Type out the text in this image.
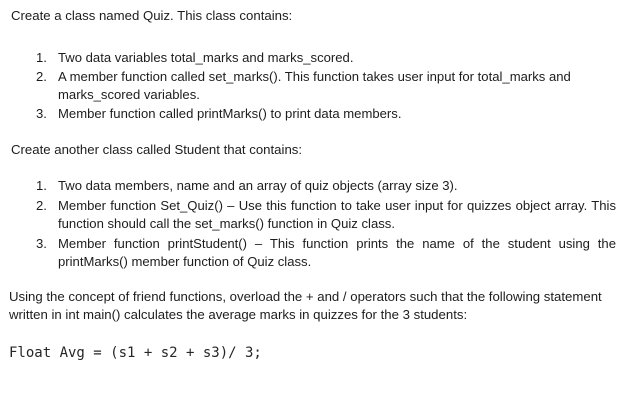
Create a class named Quiz. This class contains:

1. Two data variables total_marks and marks_scored.
2. A member function called set_marks(). This function takes user input for total_marks and marks_scored variables.
3. Member function called printMarks() to print data members.

Create another class called Student that contains:

1. Two data members, name and an array of quiz objects (array size 3).
2. Member function Set_Quiz() – Use this function to take user input for quizzes object array. This function should call the set_marks() function in Quiz class.
3. Member function printStudent() – This function prints the name of the student using the printMarks() member function of Quiz class.

Using the concept of friend functions, overload the + and / operators such that the following statement written in int main() calculates the average marks in quizzes for the 3 students:

Float Avg = (s1 + s2 + s3)/ 3;
